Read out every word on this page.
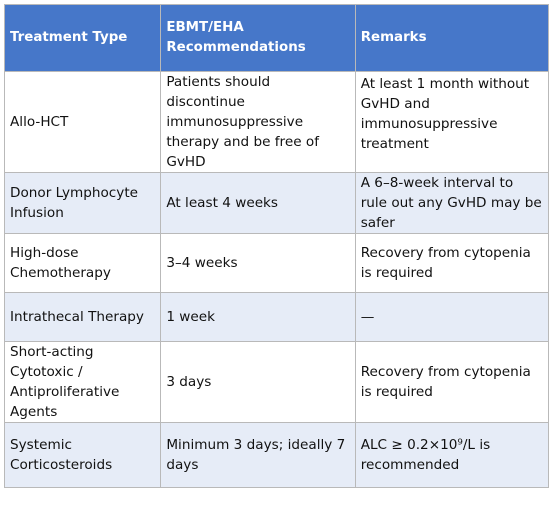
Treatment Type	EBMT/EHA Recommendations	Remarks
Allo-HCT	Patients should discontinue immunosuppressive therapy and be free of GvHD	At least 1 month without GvHD and immunosuppressive treatment
Donor Lymphocyte Infusion	At least 4 weeks	A 6–8-week interval to rule out any GvHD may be safer
High-dose Chemotherapy	3–4 weeks	Recovery from cytopenia is required
Intrathecal Therapy	1 week	—
Short-acting Cytotoxic / Antiproliferative Agents	3 days	Recovery from cytopenia is required
Systemic Corticosteroids	Minimum 3 days; ideally 7 days	ALC ≥ 0.2×10⁹/L is recommended
